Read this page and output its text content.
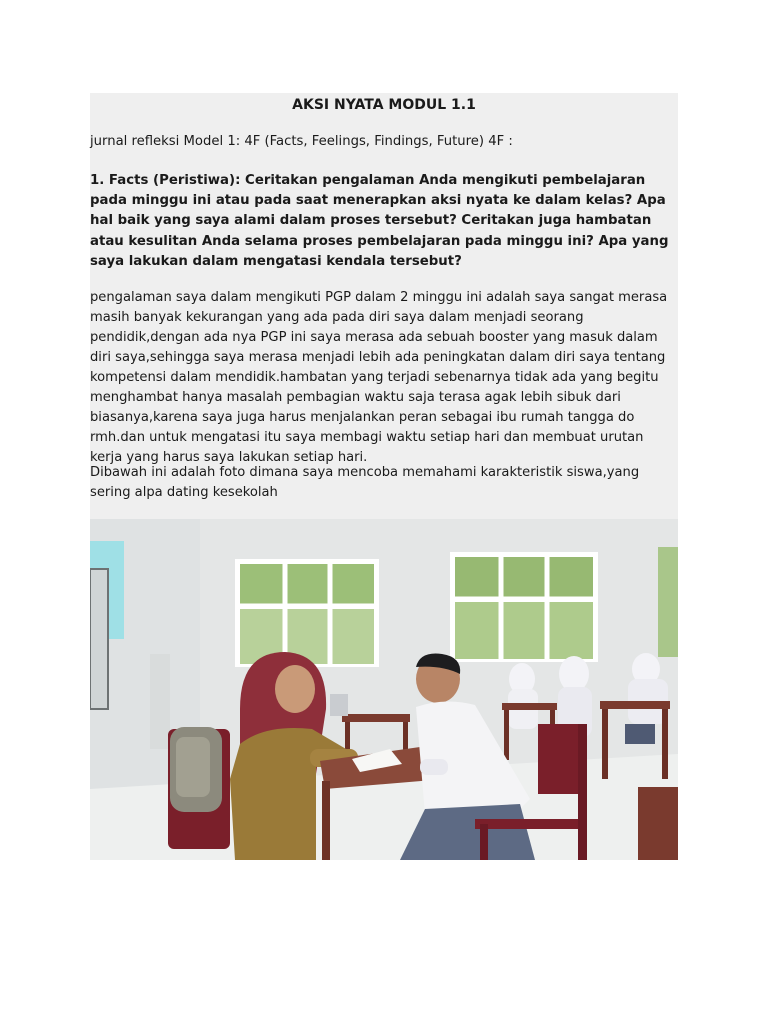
AKSI NYATA MODUL 1.1
jurnal refleksi Model 1: 4F (Facts, Feelings, Findings, Future) 4F :
1. Facts (Peristiwa): Ceritakan pengalaman Anda mengikuti pembelajaran pada minggu ini atau pada saat menerapkan aksi nyata ke dalam kelas? Apa hal baik yang saya alami dalam proses tersebut? Ceritakan juga hambatan atau kesulitan Anda selama proses pembelajaran pada minggu ini? Apa yang saya lakukan dalam mengatasi kendala tersebut?
pengalaman saya dalam mengikuti PGP dalam 2 minggu ini adalah saya sangat merasa masih banyak kekurangan yang ada pada diri saya dalam menjadi seorang pendidik,dengan ada nya PGP ini saya merasa ada sebuah booster yang masuk dalam diri saya,sehingga saya merasa menjadi lebih ada peningkatan dalam diri saya tentang kompetensi dalam mendidik.hambatan yang terjadi sebenarnya tidak ada yang begitu menghambat hanya masalah pembagian waktu saja terasa agak lebih sibuk dari biasanya,karena saya juga harus menjalankan peran sebagai ibu rumah tangga do rmh.dan untuk mengatasi itu saya membagi waktu setiap hari dan membuat urutan kerja yang harus saya lakukan setiap hari.
Dibawah ini adalah foto dimana saya mencoba memahami karakteristik siswa,yang sering alpa dating kesekolah
